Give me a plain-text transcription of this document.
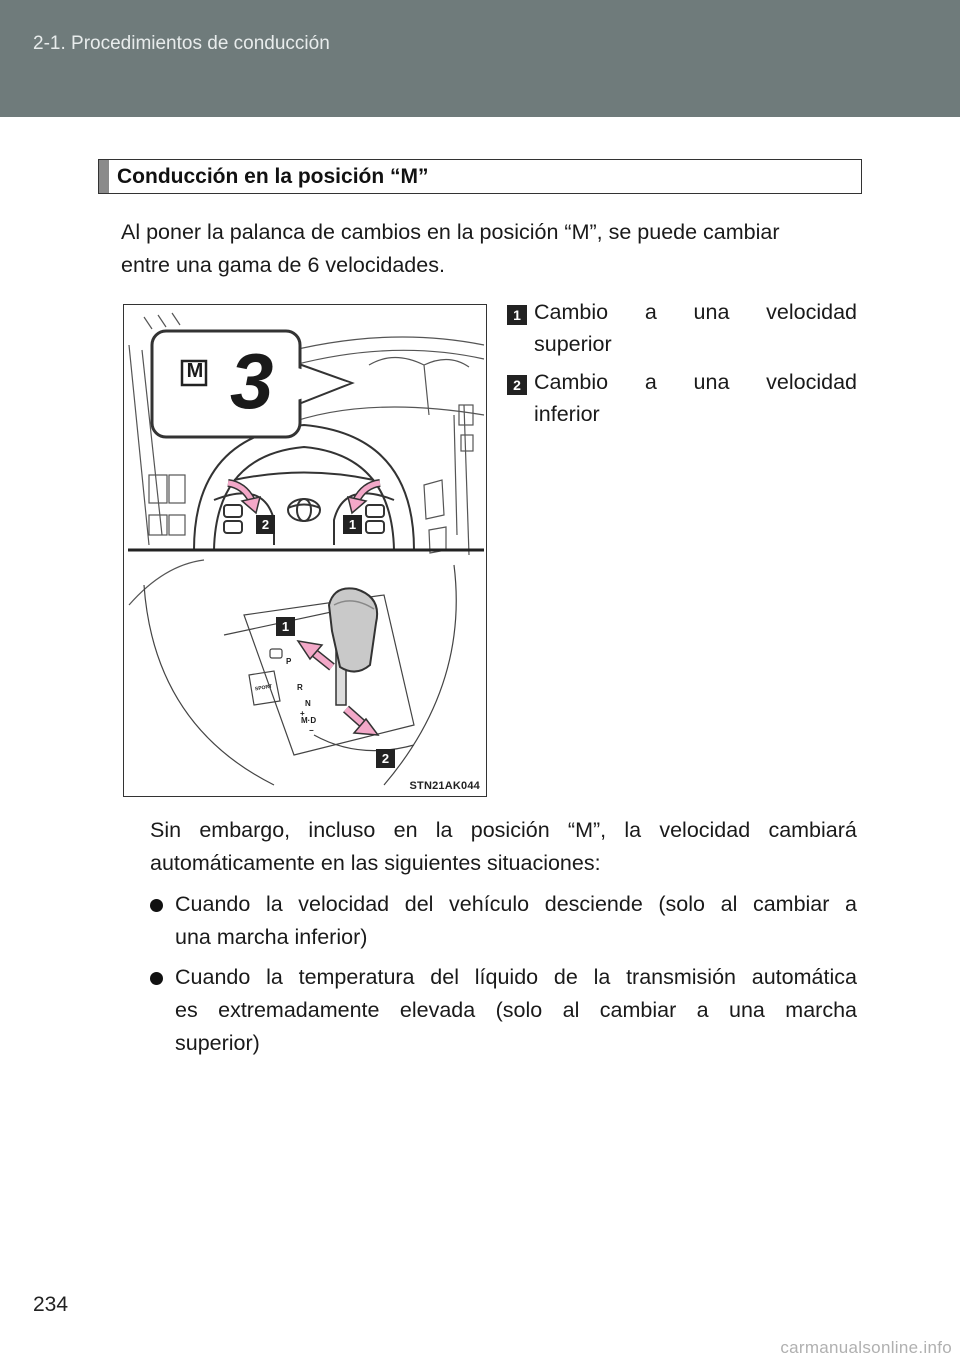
2-1. Procedimientos de conducción
Conducción en la posición “M”
Al poner la palanca de cambios en la posición “M”, se puede cambiar
entre una gama de 6 velocidades.
M 3
2	1
1
2
P
R
N
+
M·D
−
SPORT
STN21AK044
1 Cambio a una velocidad
superior
2 Cambio a una velocidad
inferior
Sin embargo, incluso en la posición “M”, la velocidad cambiará
automáticamente en las siguientes situaciones:
Cuando la velocidad del vehículo desciende (solo al cambiar a
una marcha inferior)
Cuando la temperatura del líquido de la transmisión automática
es extremadamente elevada (solo al cambiar a una marcha
superior)
234
carmanualsonline.info
